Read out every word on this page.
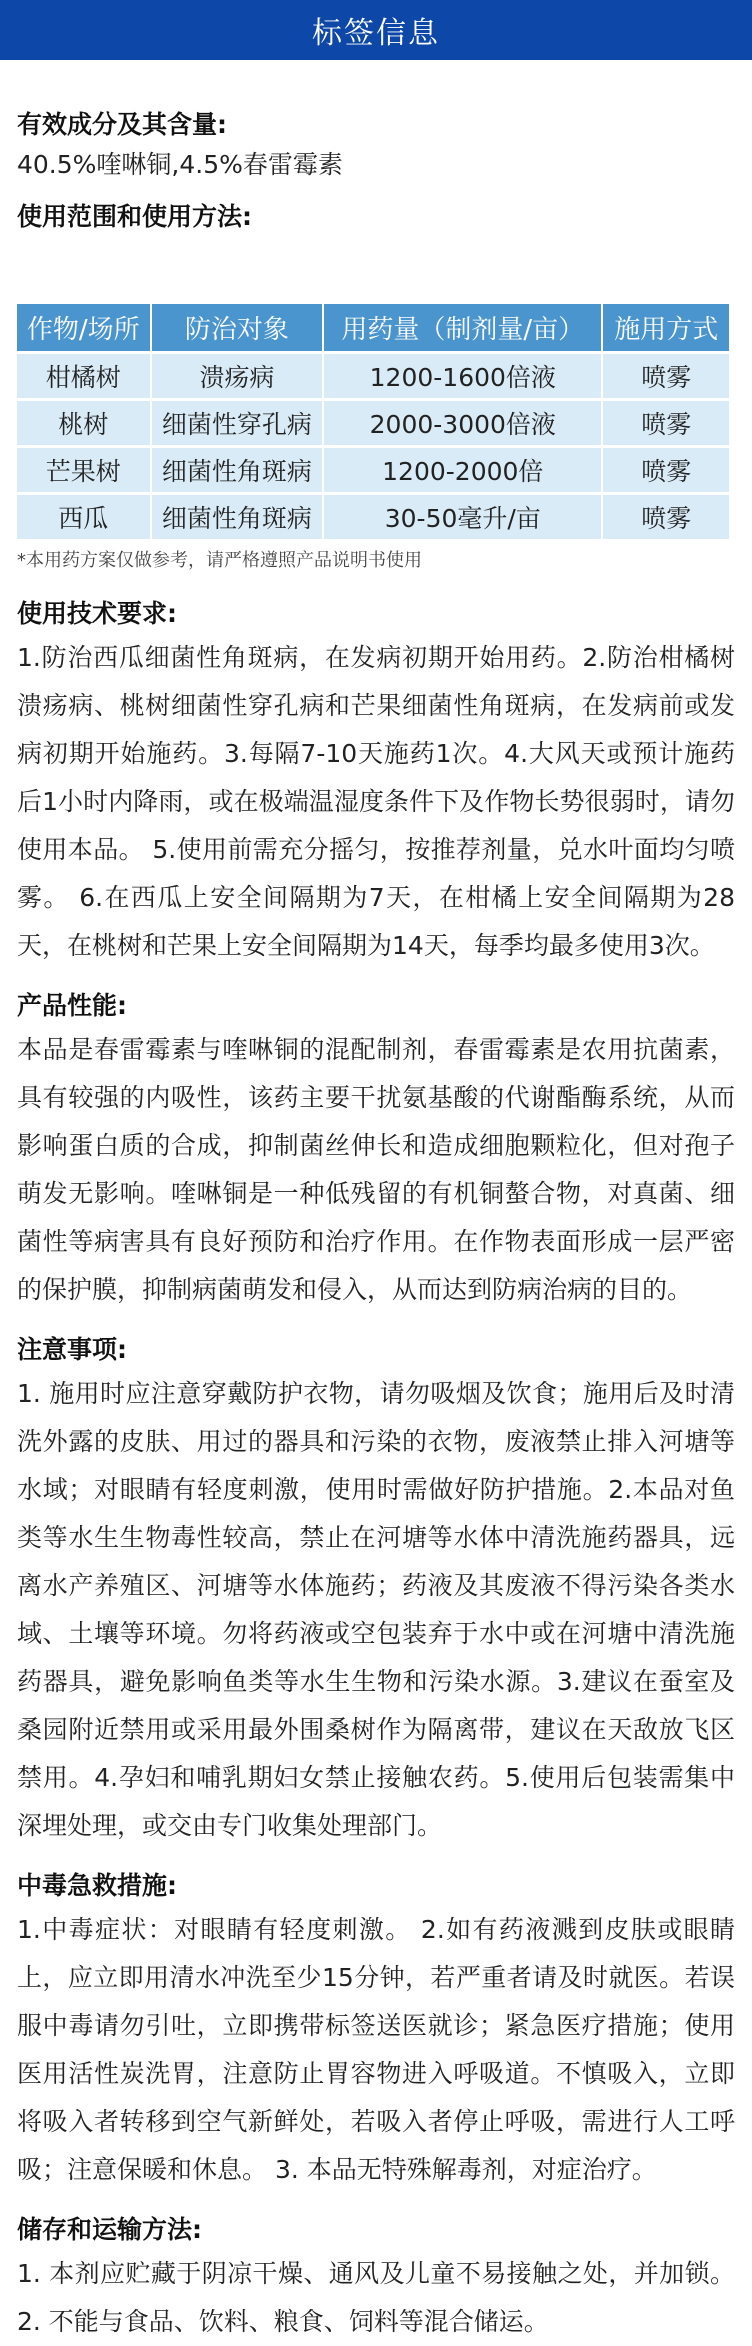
标签信息

有效成分及其含量:

40.5%喹啉铜,4.5%春雷霉素

使用范围和使用方法:

作物/场所	防治对象	用药量（制剂量/亩）	施用方式
柑橘树	溃疡病	1200-1600倍液	喷雾
桃树	细菌性穿孔病	2000-3000倍液	喷雾
芒果树	细菌性角斑病	1200-2000倍	喷雾
西瓜	细菌性角斑病	30-50毫升/亩	喷雾

*本用药方案仅做参考，请严格遵照产品说明书使用

使用技术要求:

1.防治西瓜细菌性角斑病，在发病初期开始用药。2.防治柑橘树溃疡病、桃树细菌性穿孔病和芒果细菌性角斑病，在发病前或发病初期开始施药。3.每隔7-10天施药1次。4.大风天或预计施药后1小时内降雨，或在极端温湿度条件下及作物长势很弱时，请勿使用本品。 5.使用前需充分摇匀，按推荐剂量，兑水叶面均匀喷雾。 6.在西瓜上安全间隔期为7天，在柑橘上安全间隔期为28天，在桃树和芒果上安全间隔期为14天，每季均最多使用3次。

产品性能:

本品是春雷霉素与喹啉铜的混配制剂，春雷霉素是农用抗菌素，具有较强的内吸性，该药主要干扰氨基酸的代谢酯酶系统，从而影响蛋白质的合成，抑制菌丝伸长和造成细胞颗粒化，但对孢子萌发无影响。喹啉铜是一种低残留的有机铜螯合物，对真菌、细菌性等病害具有良好预防和治疗作用。在作物表面形成一层严密的保护膜，抑制病菌萌发和侵入，从而达到防病治病的目的。

注意事项:

1. 施用时应注意穿戴防护衣物，请勿吸烟及饮食；施用后及时清洗外露的皮肤、用过的器具和污染的衣物，废液禁止排入河塘等水域；对眼睛有轻度刺激，使用时需做好防护措施。2.本品对鱼类等水生生物毒性较高，禁止在河塘等水体中清洗施药器具，远离水产养殖区、河塘等水体施药；药液及其废液不得污染各类水域、土壤等环境。勿将药液或空包装弃于水中或在河塘中清洗施药器具，避免影响鱼类等水生生物和污染水源。3.建议在蚕室及桑园附近禁用或采用最外围桑树作为隔离带，建议在天敌放飞区禁用。4.孕妇和哺乳期妇女禁止接触农药。5.使用后包装需集中深埋处理，或交由专门收集处理部门。

中毒急救措施:

1.中毒症状：对眼睛有轻度刺激。 2.如有药液溅到皮肤或眼睛上，应立即用清水冲洗至少15分钟，若严重者请及时就医。若误服中毒请勿引吐，立即携带标签送医就诊；紧急医疗措施；使用医用活性炭洗胃，注意防止胃容物进入呼吸道。不慎吸入，立即将吸入者转移到空气新鲜处，若吸入者停止呼吸，需进行人工呼吸；注意保暖和休息。 3. 本品无特殊解毒剂，对症治疗。

储存和运输方法:

1. 本剂应贮藏于阴凉干燥、通风及儿童不易接触之处，并加锁。 2. 不能与食品、饮料、粮食、饲料等混合储运。
